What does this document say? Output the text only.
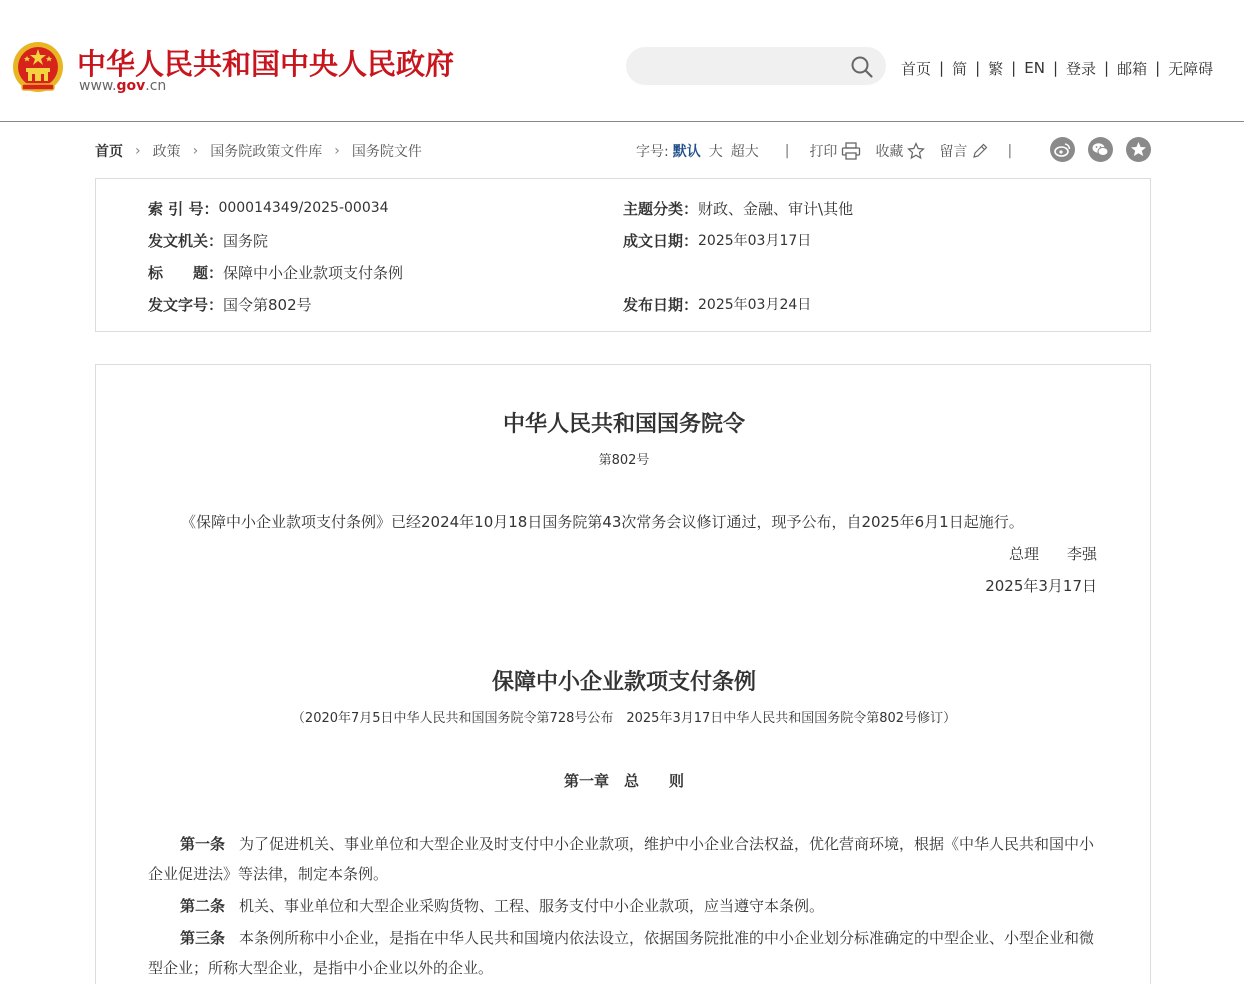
中华人民共和国中央人民政府
www.gov.cn
首页 | 简 | 繁 | EN | 登录 | 邮箱 | 无障碍
首页 › 政策 › 国务院政策文件库 › 国务院文件	字号: 默认 大 超大	|	打印	收藏	留言	|
索 引 号： 000014349/2025-00034	主题分类： 财政、金融、审计\其他
发文机关： 国务院	成文日期： 2025年03月17日
标　　题： 保障中小企业款项支付条例
发文字号： 国令第802号	发布日期： 2025年03月24日
中华人民共和国国务院令
第802号
《保障中小企业款项支付条例》已经2024年10月18日国务院第43次常务会议修订通过，现予公布，自2025年6月1日起施行。
总理 李强
2025年3月17日
保障中小企业款项支付条例
（2020年7月5日中华人民共和国国务院令第728号公布　2025年3月17日中华人民共和国国务院令第802号修订）
第一章　总　　则

第一条 为了促进机关、事业单位和大型企业及时支付中小企业款项，维护中小企业合法权益，优化营商环境，根据《中华人民共和国中小企业促进法》等法律，制定本条例。

第二条 机关、事业单位和大型企业采购货物、工程、服务支付中小企业款项，应当遵守本条例。

第三条 本条例所称中小企业，是指在中华人民共和国境内依法设立，依据国务院批准的中小企业划分标准确定的中型企业、小型企业和微型企业；所称大型企业，是指中小企业以外的企业。
